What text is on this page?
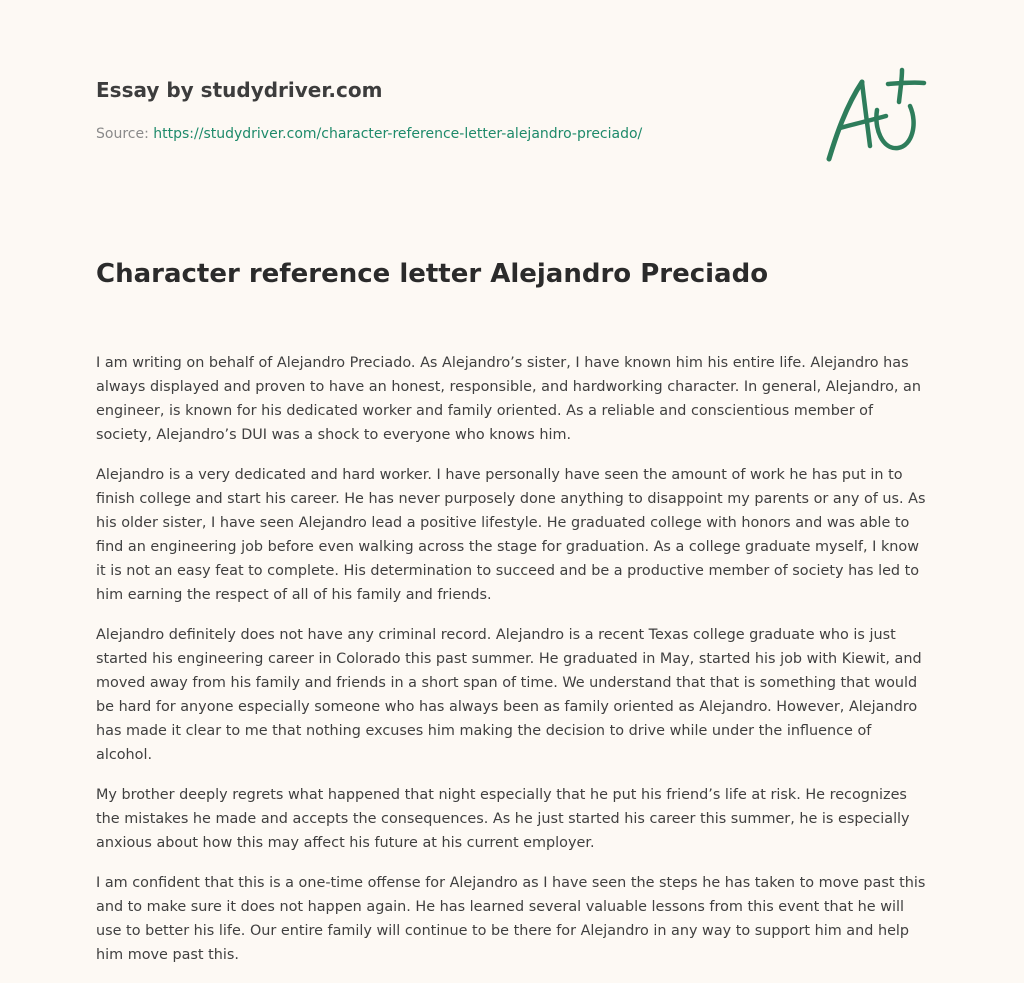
Essay by studydriver.com
Source: https://studydriver.com/character-reference-letter-alejandro-preciado/
Character reference letter Alejandro Preciado

I am writing on behalf of Alejandro Preciado. As Alejandro’s sister, I have known him his entire life. Alejandro has always displayed and proven to have an honest, responsible, and hardworking character. In general, Alejandro, an engineer, is known for his dedicated worker and family oriented. As a reliable and conscientious member of society, Alejandro’s DUI was a shock to everyone who knows him.

Alejandro is a very dedicated and hard worker. I have personally have seen the amount of work he has put in to finish college and start his career. He has never purposely done anything to disappoint my parents or any of us. As his older sister, I have seen Alejandro lead a positive lifestyle. He graduated college with honors and was able to find an engineering job before even walking across the stage for graduation. As a college graduate myself, I know it is not an easy feat to complete. His determination to succeed and be a productive member of society has led to him earning the respect of all of his family and friends.

Alejandro definitely does not have any criminal record. Alejandro is a recent Texas college graduate who is just started his engineering career in Colorado this past summer. He graduated in May, started his job with Kiewit, and moved away from his family and friends in a short span of time. We understand that that is something that would be hard for anyone especially someone who has always been as family oriented as Alejandro. However, Alejandro has made it clear to me that nothing excuses him making the decision to drive while under the influence of alcohol.

My brother deeply regrets what happened that night especially that he put his friend’s life at risk. He recognizes the mistakes he made and accepts the consequences. As he just started his career this summer, he is especially anxious about how this may affect his future at his current employer.

I am confident that this is a one-time offense for Alejandro as I have seen the steps he has taken to move past this and to make sure it does not happen again. He has learned several valuable lessons from this event that he will use to better his life. Our entire family will continue to be there for Alejandro in any way to support him and help him move past this.
